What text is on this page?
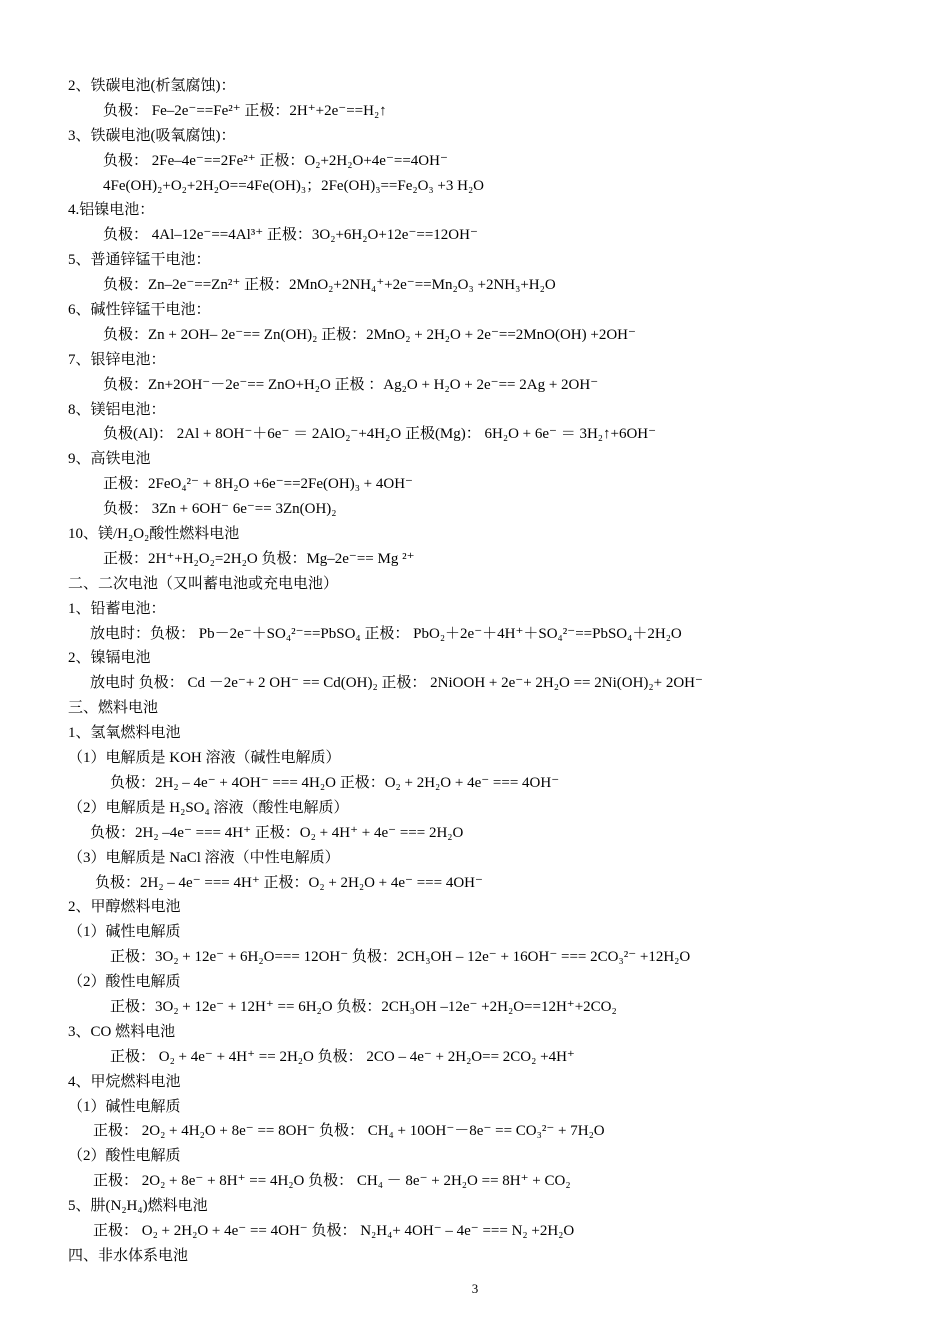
2、铁碳电池(析氢腐蚀)：
负极： Fe–2e⁻==Fe²⁺ 正极：2H⁺+2e⁻==H₂↑
3、铁碳电池(吸氧腐蚀)：
负极： 2Fe–4e⁻==2Fe²⁺ 正极：O₂+2H₂O+4e⁻==4OH⁻
4Fe(OH)₂+O₂+2H₂O==4Fe(OH)₃；2Fe(OH)₃==Fe₂O₃ +3 H₂O
4.铝镍电池：
负极： 4Al–12e⁻==4Al³⁺ 正极：3O₂+6H₂O+12e⁻==12OH⁻
5、普通锌锰干电池：
负极：Zn–2e⁻==Zn²⁺ 正极：2MnO₂+2NH₄⁺+2e⁻==Mn₂O₃ +2NH₃+H₂O
6、碱性锌锰干电池：
负极：Zn + 2OH– 2e⁻== Zn(OH)₂ 正极：2MnO₂ + 2H₂O + 2e⁻==2MnO(OH) +2OH⁻
7、银锌电池：
负极：Zn+2OH⁻－2e⁻== ZnO+H₂O 正极 ：Ag₂O + H₂O + 2e⁻== 2Ag + 2OH⁻
8、镁铝电池：
负极(Al)： 2Al + 8OH⁻＋6e⁻ ＝ 2AlO₂⁻+4H₂O 正极(Mg)： 6H₂O + 6e⁻ ＝ 3H₂↑+6OH⁻
9、高铁电池
正极：2FeO₄²⁻ + 8H₂O +6e⁻==2Fe(OH)₃ + 4OH⁻
负极： 3Zn + 6OH⁻ 6e⁻== 3Zn(OH)₂
10、镁/H₂O₂酸性燃料电池
正极：2H⁺+H₂O₂=2H₂O 负极：Mg–2e⁻== Mg ²⁺
二、二次电池（又叫蓄电池或充电电池）
1、铅蓄电池：
放电时：负极： Pb－2e⁻＋SO₄²⁻==PbSO₄ 正极： PbO₂＋2e⁻＋4H⁺＋SO₄²⁻==PbSO₄＋2H₂O
2、镍镉电池
放电时 负极： Cd －2e⁻+ 2 OH⁻ == Cd(OH)₂ 正极： 2NiOOH + 2e⁻+ 2H₂O == 2Ni(OH)₂+ 2OH⁻
三、燃料电池
1、氢氧燃料电池
（1）电解质是 KOH 溶液（碱性电解质）
负极：2H₂ – 4e⁻ + 4OH⁻ === 4H₂O 正极：O₂ + 2H₂O + 4e⁻ === 4OH⁻
（2）电解质是 H₂SO₄ 溶液（酸性电解质）
负极：2H₂ –4e⁻ === 4H⁺ 正极：O₂ + 4H⁺ + 4e⁻ === 2H₂O
（3）电解质是 NaCl 溶液（中性电解质）
负极：2H₂ – 4e⁻ === 4H⁺ 正极：O₂ + 2H₂O + 4e⁻ === 4OH⁻
2、甲醇燃料电池
（1）碱性电解质
正极：3O₂ + 12e⁻ + 6H₂O=== 12OH⁻ 负极：2CH₃OH – 12e⁻ + 16OH⁻ === 2CO₃²⁻ +12H₂O
（2）酸性电解质
正极：3O₂ + 12e⁻ + 12H⁺ == 6H₂O 负极：2CH₃OH –12e⁻ +2H₂O==12H⁺+2CO₂
3、CO 燃料电池
正极： O₂ + 4e⁻ + 4H⁺ == 2H₂O 负极： 2CO – 4e⁻ + 2H₂O== 2CO₂ +4H⁺
4、甲烷燃料电池
（1）碱性电解质
正极： 2O₂ + 4H₂O + 8e⁻ == 8OH⁻ 负极： CH₄ + 10OH⁻－8e⁻ == CO₃²⁻ + 7H₂O
（2）酸性电解质
正极： 2O₂ + 8e⁻ + 8H⁺ == 4H₂O 负极： CH₄ － 8e⁻ + 2H₂O == 8H⁺ + CO₂
5、肼(N₂H₄)燃料电池
正极： O₂ + 2H₂O + 4e⁻ == 4OH⁻ 负极： N₂H₄+ 4OH⁻ – 4e⁻ === N₂ +2H₂O
四、非水体系电池
3
